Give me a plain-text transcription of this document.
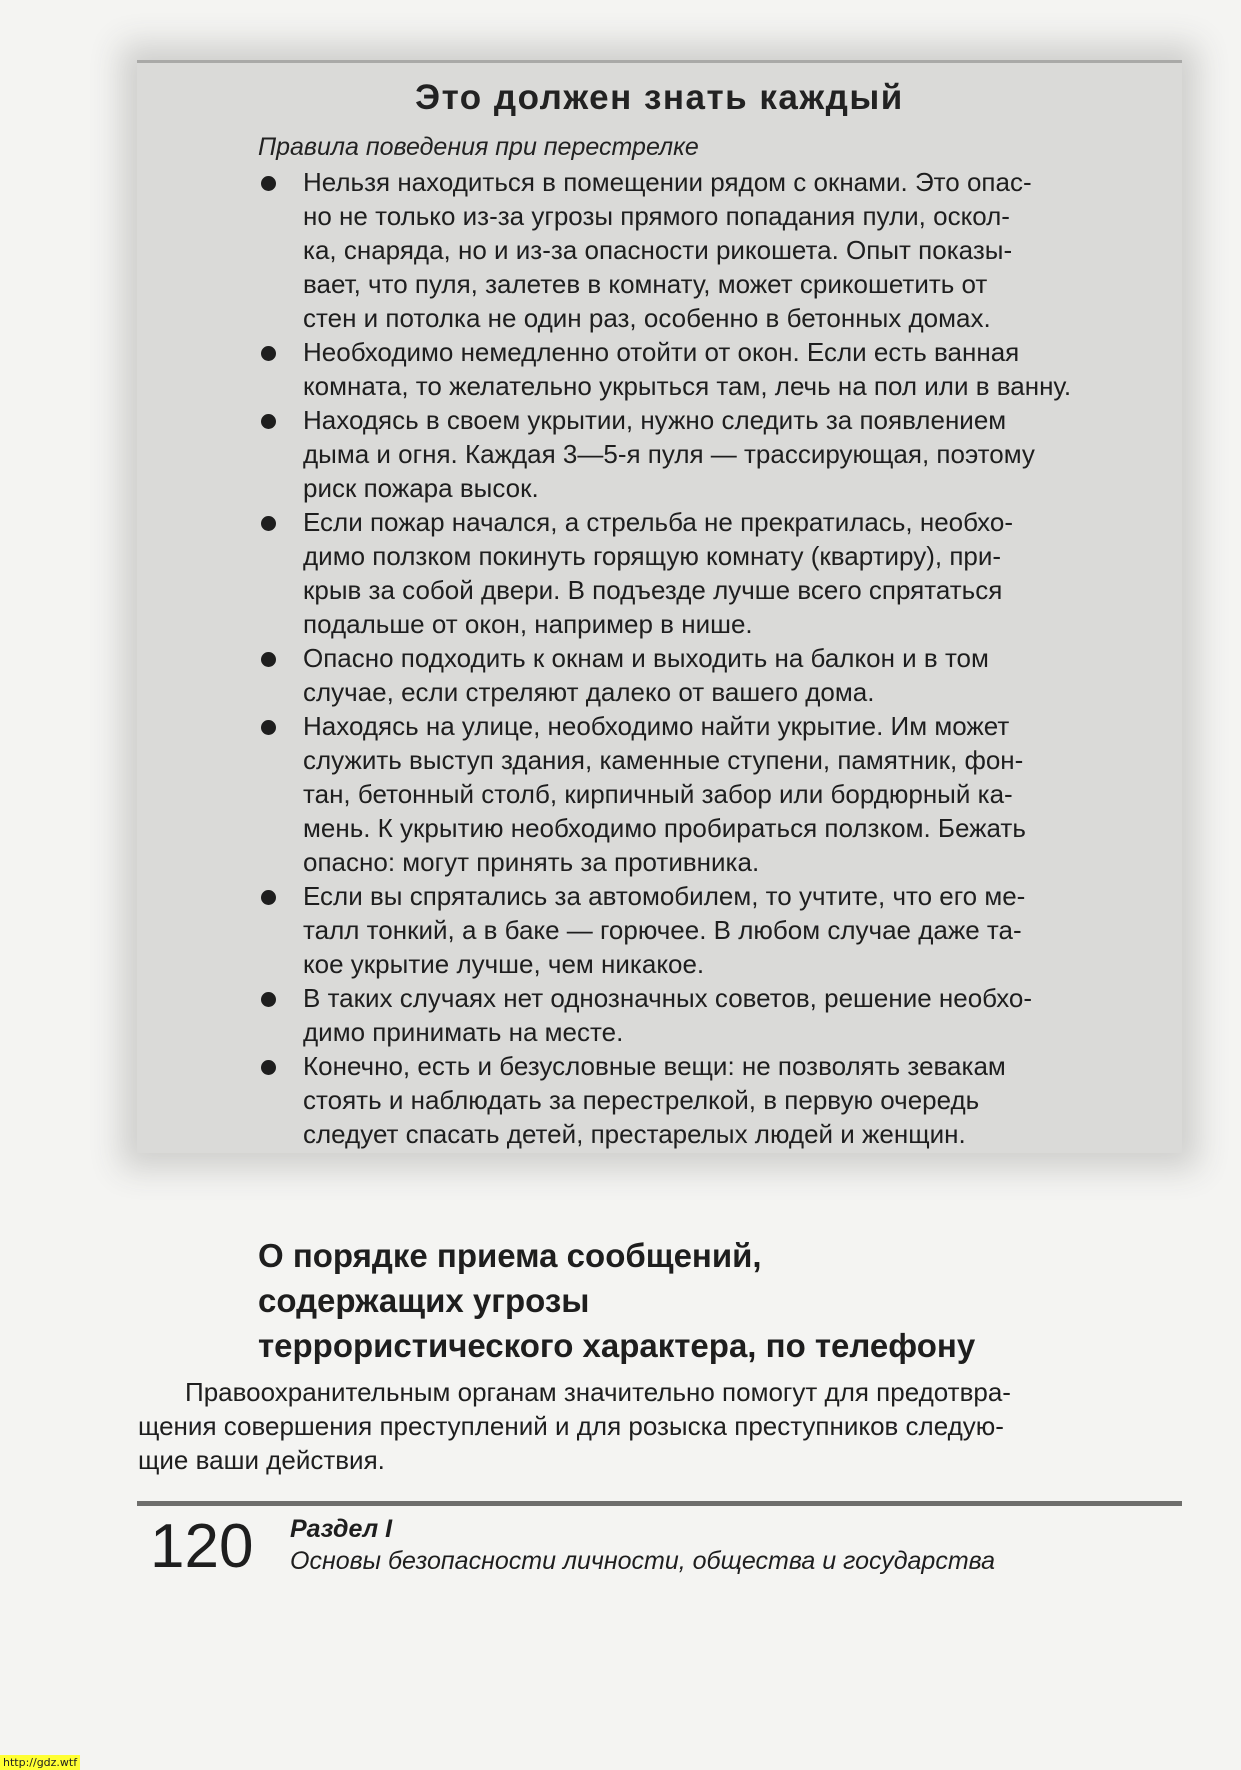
Это должен знать каждый
Правила поведения при перестрелке
Нельзя находиться в помещении рядом с окнами. Это опас-
но не только из-за угрозы прямого попадания пули, оскол-
ка, снаряда, но и из-за опасности рикошета. Опыт показы-
вает, что пуля, залетев в комнату, может срикошетить от
стен и потолка не один раз, особенно в бетонных домах.
Необходимо немедленно отойти от окон. Если есть ванная
комната, то желательно укрыться там, лечь на пол или в ванну.
Находясь в своем укрытии, нужно следить за появлением
дыма и огня. Каждая 3—5-я пуля — трассирующая, поэтому
риск пожара высок.
Если пожар начался, а стрельба не прекратилась, необхо-
димо ползком покинуть горящую комнату (квартиру), при-
крыв за собой двери. В подъезде лучше всего спрятаться
подальше от окон, например в нише.
Опасно подходить к окнам и выходить на балкон и в том
случае, если стреляют далеко от вашего дома.
Находясь на улице, необходимо найти укрытие. Им может
служить выступ здания, каменные ступени, памятник, фон-
тан, бетонный столб, кирпичный забор или бордюрный ка-
мень. К укрытию необходимо пробираться ползком. Бежать
опасно: могут принять за противника.
Если вы спрятались за автомобилем, то учтите, что его ме-
талл тонкий, а в баке — горючее. В любом случае даже та-
кое укрытие лучше, чем никакое.
В таких случаях нет однозначных советов, решение необхо-
димо принимать на месте.
Конечно, есть и безусловные вещи: не позволять зевакам
стоять и наблюдать за перестрелкой, в первую очередь
следует спасать детей, престарелых людей и женщин.
О порядке приема сообщений,
содержащих угрозы
террористического характера, по телефону
Правоохранительным органам значительно помогут для предотвра-
щения совершения преступлений и для розыска преступников следую-
щие ваши действия.
120 Раздел I
Основы безопасности личности, общества и государства
http://gdz.wtf
